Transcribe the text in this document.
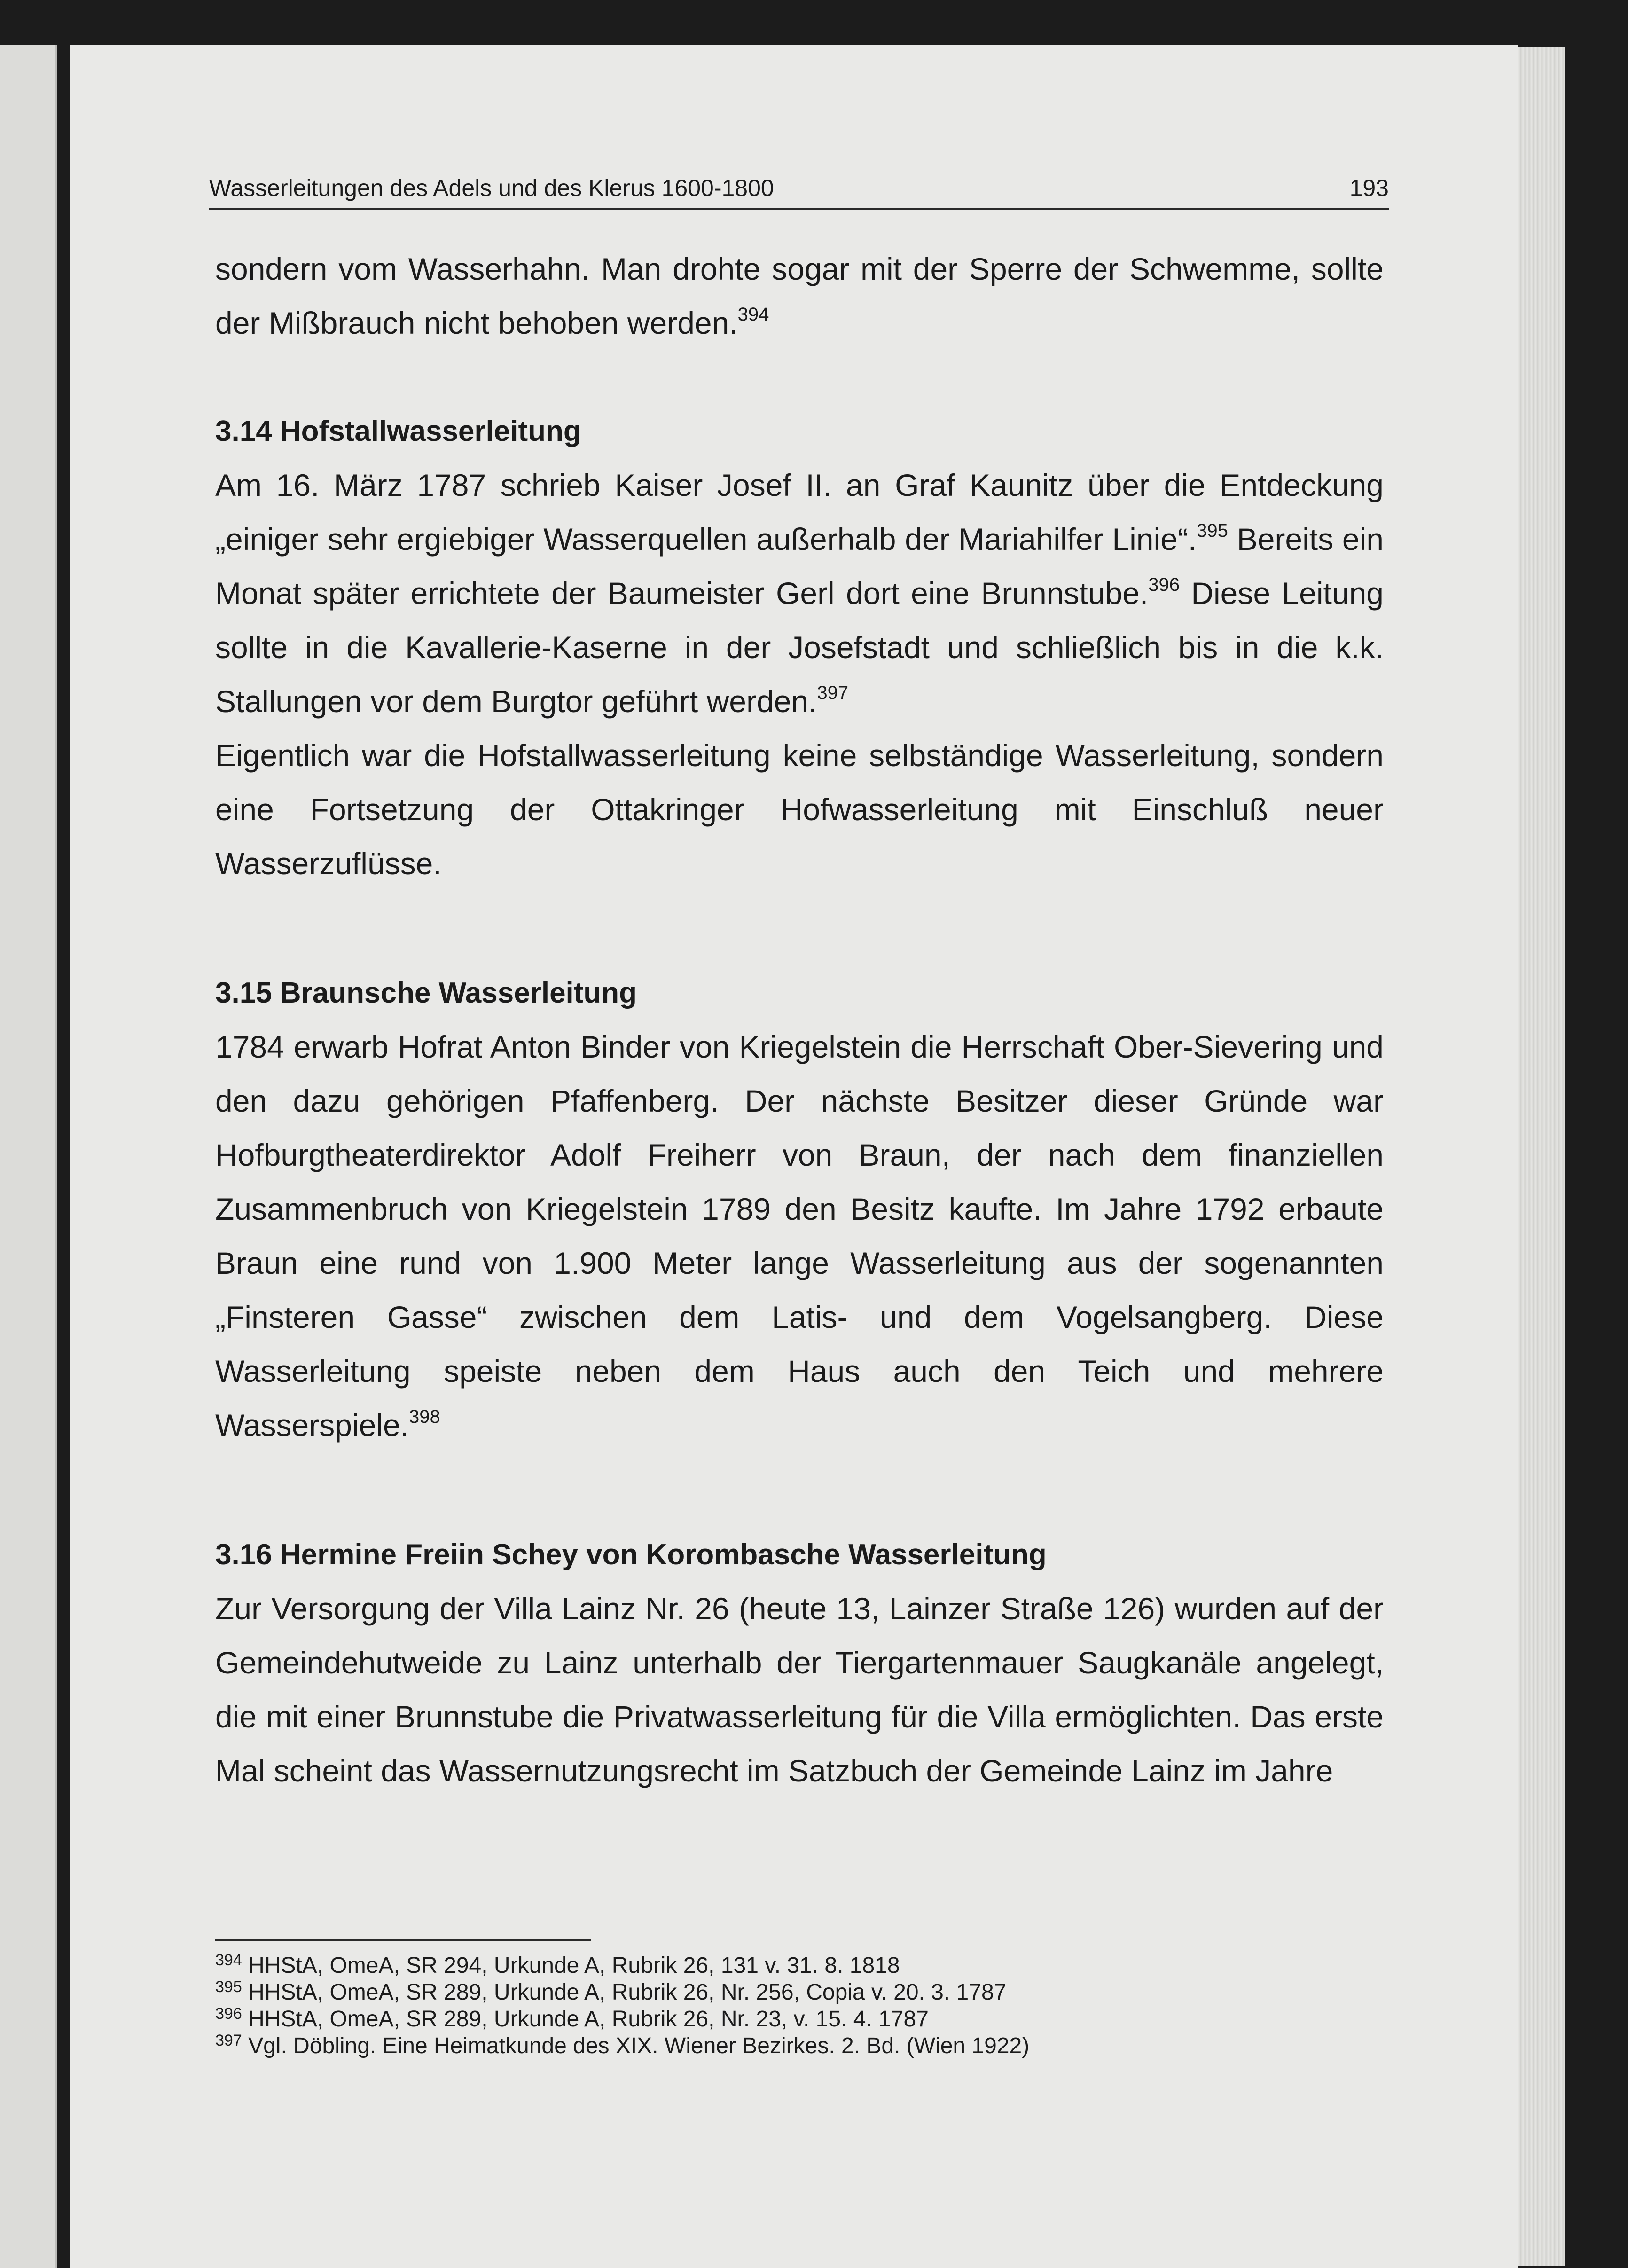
Wasserleitungen des Adels und des Klerus 1600-1800	193

sondern vom Wasserhahn. Man drohte sogar mit der Sperre der Schwemme, sollte der Mißbrauch nicht behoben werden.$^{394}$

3.14 Hofstallwasserleitung

Am 16. März 1787 schrieb Kaiser Josef II. an Graf Kaunitz über die Entdeckung „einiger sehr ergiebiger Wasserquellen außerhalb der Mariahilfer Linie“.$^{395}$ Bereits ein Monat später errichtete der Baumeister Gerl dort eine Brunnstube.$^{396}$ Diese Leitung sollte in die Kavallerie-Kaserne in der Josefstadt und schließlich bis in die k.k. Stallungen vor dem Burgtor geführt werden.$^{397}$

Eigentlich war die Hofstallwasserleitung keine selbständige Wasserleitung, sondern eine Fortsetzung der Ottakringer Hofwasserleitung mit Einschluß neuer Wasserzuflüsse.

3.15 Braunsche Wasserleitung

1784 erwarb Hofrat Anton Binder von Kriegelstein die Herrschaft Ober-Sievering und den dazu gehörigen Pfaffenberg. Der nächste Besitzer dieser Gründe war Hofburgtheaterdirektor Adolf Freiherr von Braun, der nach dem finanziellen Zusammenbruch von Kriegelstein 1789 den Besitz kaufte. Im Jahre 1792 erbaute Braun eine rund von 1.900 Meter lange Wasserleitung aus der sogenannten „Finsteren Gasse“ zwischen dem Latis- und dem Vogelsangberg. Diese Wasserleitung speiste neben dem Haus auch den Teich und mehrere Wasserspiele.$^{398}$

3.16 Hermine Freiin Schey von Korombasche Wasserleitung

Zur Versorgung der Villa Lainz Nr. 26 (heute 13, Lainzer Straße 126) wurden auf der Gemeindehutweide zu Lainz unterhalb der Tiergartenmauer Saugkanäle angelegt, die mit einer Brunnstube die Privatwasserleitung für die Villa ermöglichten. Das erste Mal scheint das Wassernutzungsrecht im Satzbuch der Gemeinde Lainz im Jahre

$^{394}$ HHStA, OmeA, SR 294, Urkunde A, Rubrik 26, 131 v. 31. 8. 1818
$^{395}$ HHStA, OmeA, SR 289, Urkunde A, Rubrik 26, Nr. 256, Copia v. 20. 3. 1787
$^{396}$ HHStA, OmeA, SR 289, Urkunde A, Rubrik 26, Nr. 23, v. 15. 4. 1787
$^{397}$ Vgl. Döbling. Eine Heimatkunde des XIX. Wiener Bezirkes. 2. Bd. (Wien 1922)
